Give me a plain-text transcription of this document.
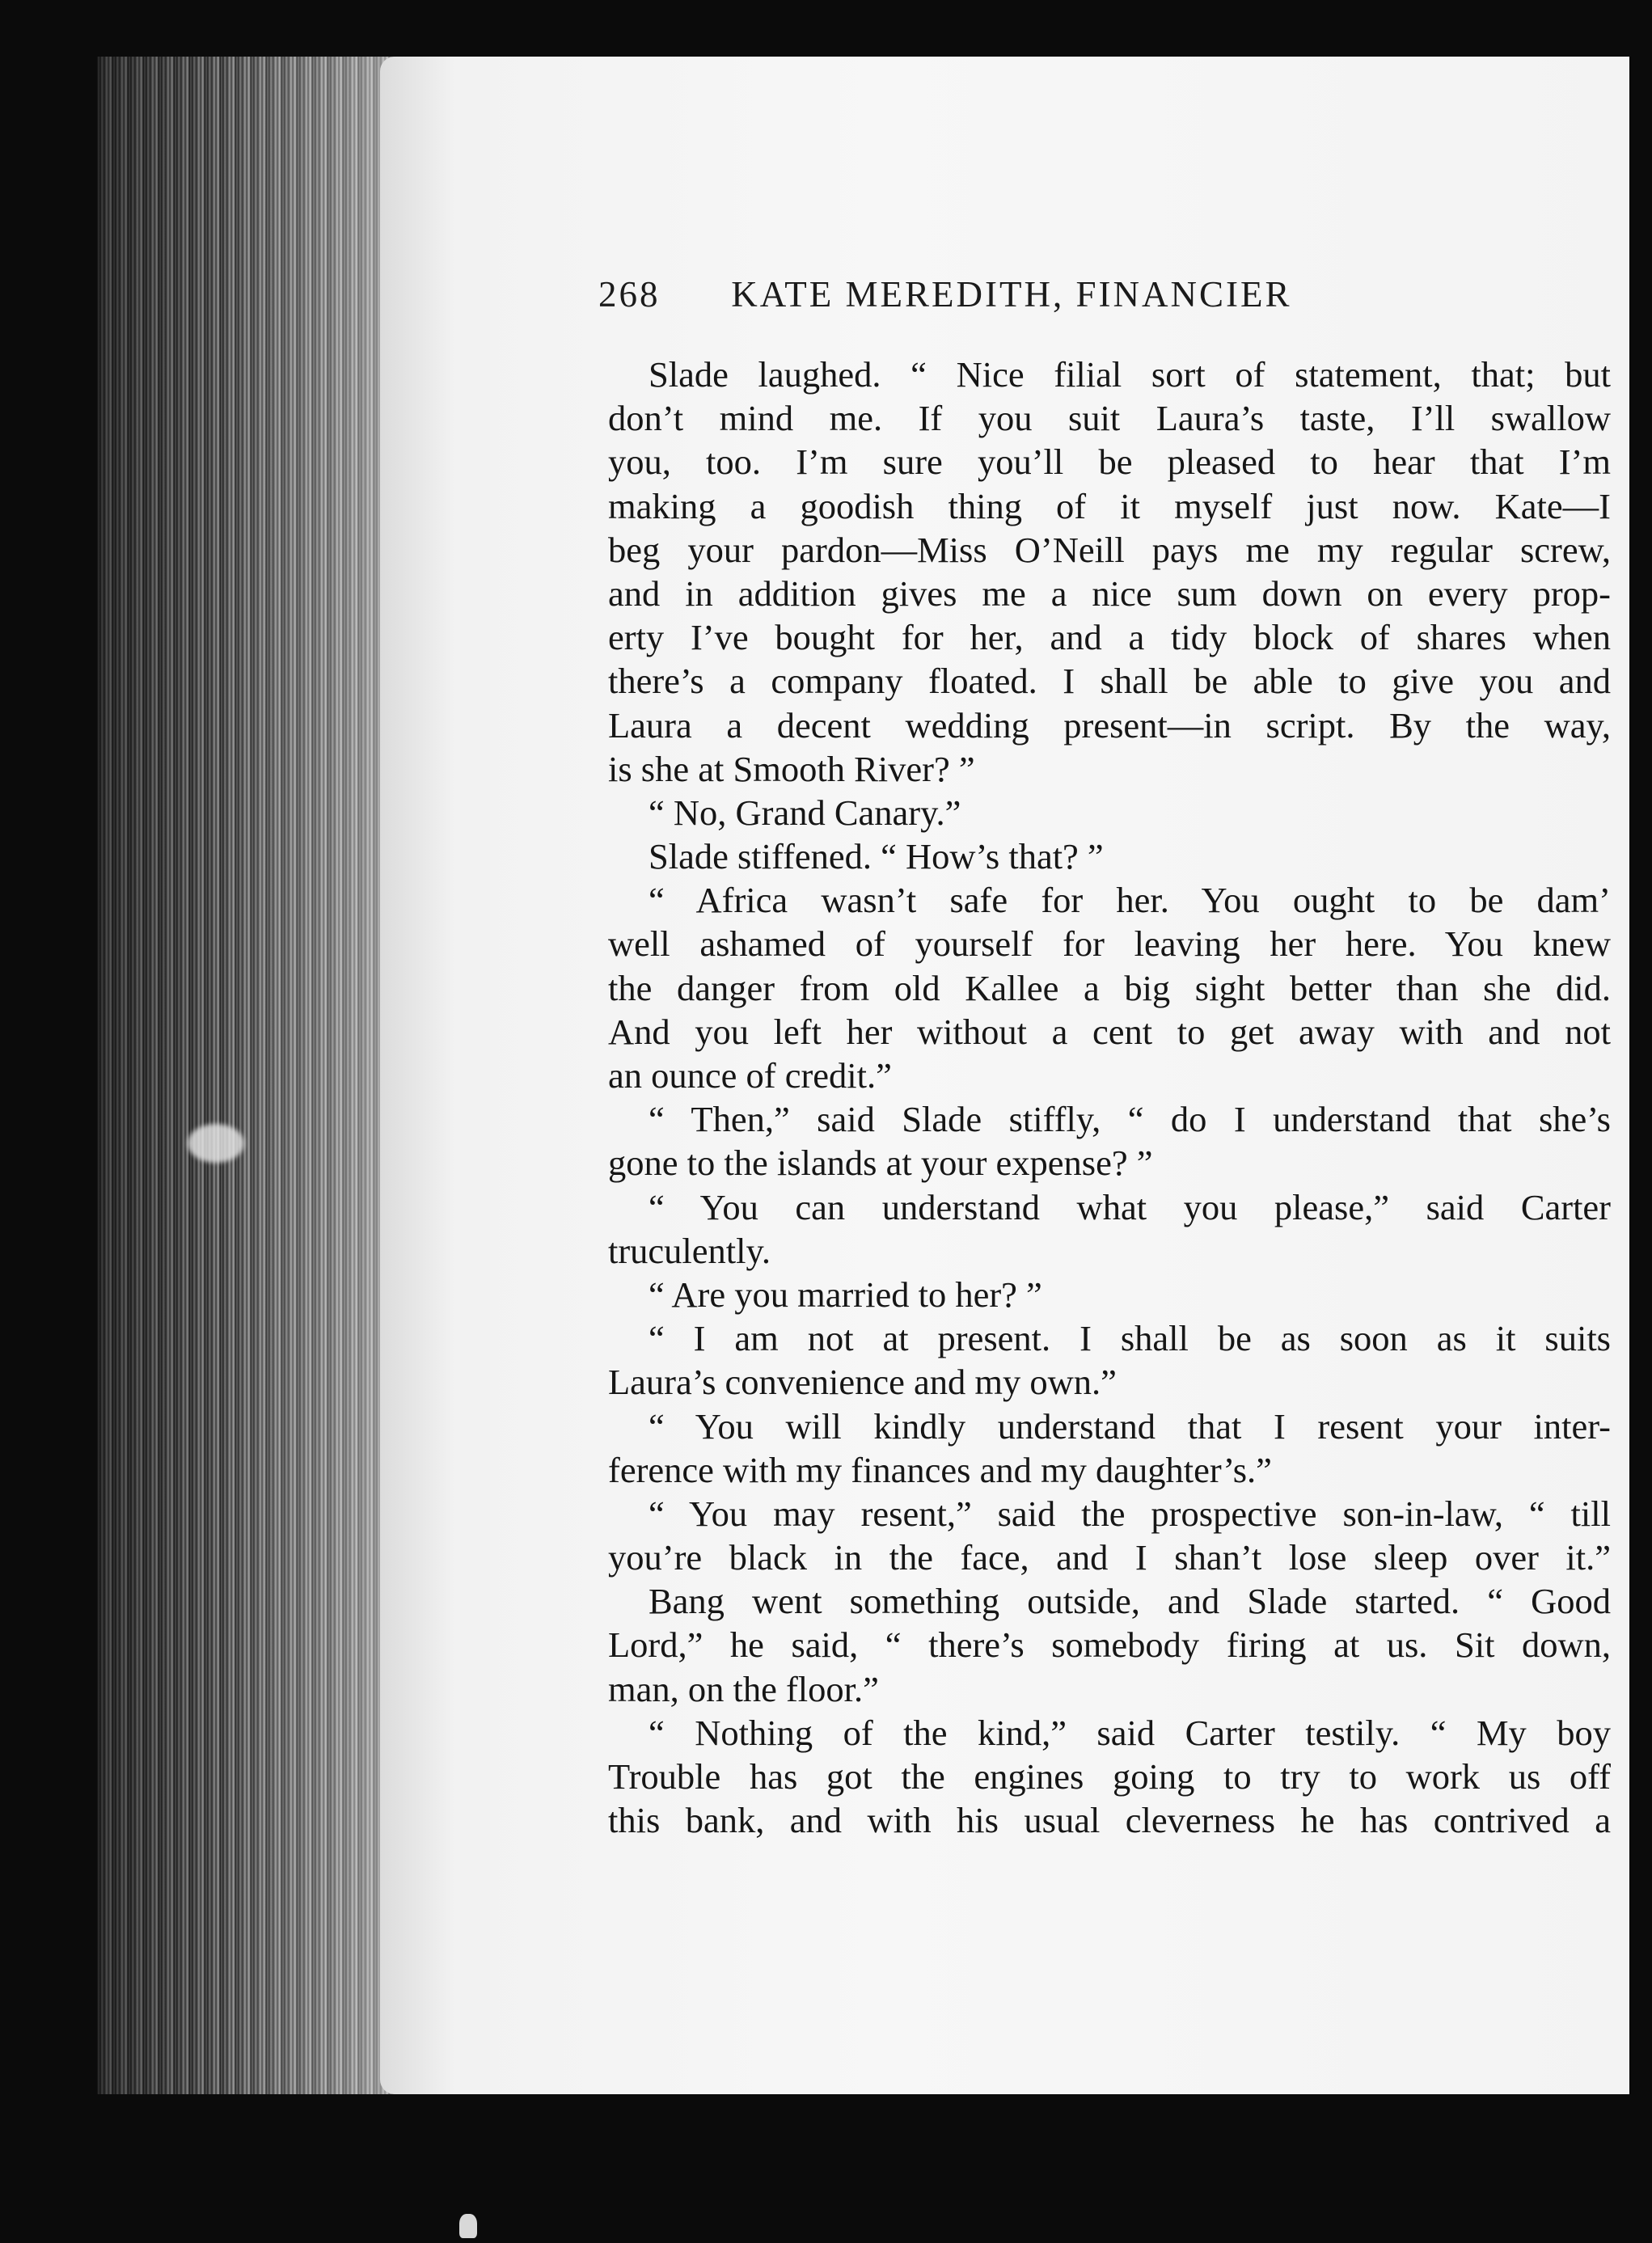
268 KATE MEREDITH, FINANCIER
Slade laughed. “ Nice filial sort of statement, that; but
don’t mind me. If you suit Laura’s taste, I’ll swallow
you, too. I’m sure you’ll be pleased to hear that I’m
making a goodish thing of it myself just now. Kate—I
beg your pardon—Miss O’Neill pays me my regular screw,
and in addition gives me a nice sum down on every prop-
erty I’ve bought for her, and a tidy block of shares when
there’s a company floated. I shall be able to give you and
Laura a decent wedding present—in script. By the way,
is she at Smooth River? ”
“ No, Grand Canary.”
Slade stiffened. “ How’s that? ”
“ Africa wasn’t safe for her. You ought to be dam’
well ashamed of yourself for leaving her here. You knew
the danger from old Kallee a big sight better than she did.
And you left her without a cent to get away with and not
an ounce of credit.”
“ Then,” said Slade stiffly, “ do I understand that she’s
gone to the islands at your expense? ”
“ You can understand what you please,” said Carter
truculently.
“ Are you married to her? ”
“ I am not at present. I shall be as soon as it suits
Laura’s convenience and my own.”
“ You will kindly understand that I resent your inter-
ference with my finances and my daughter’s.”
“ You may resent,” said the prospective son-in-law, “ till
you’re black in the face, and I shan’t lose sleep over it.”
Bang went something outside, and Slade started. “ Good
Lord,” he said, “ there’s somebody firing at us. Sit down,
man, on the floor.”
“ Nothing of the kind,” said Carter testily. “ My boy
Trouble has got the engines going to try to work us off
this bank, and with his usual cleverness he has contrived a
